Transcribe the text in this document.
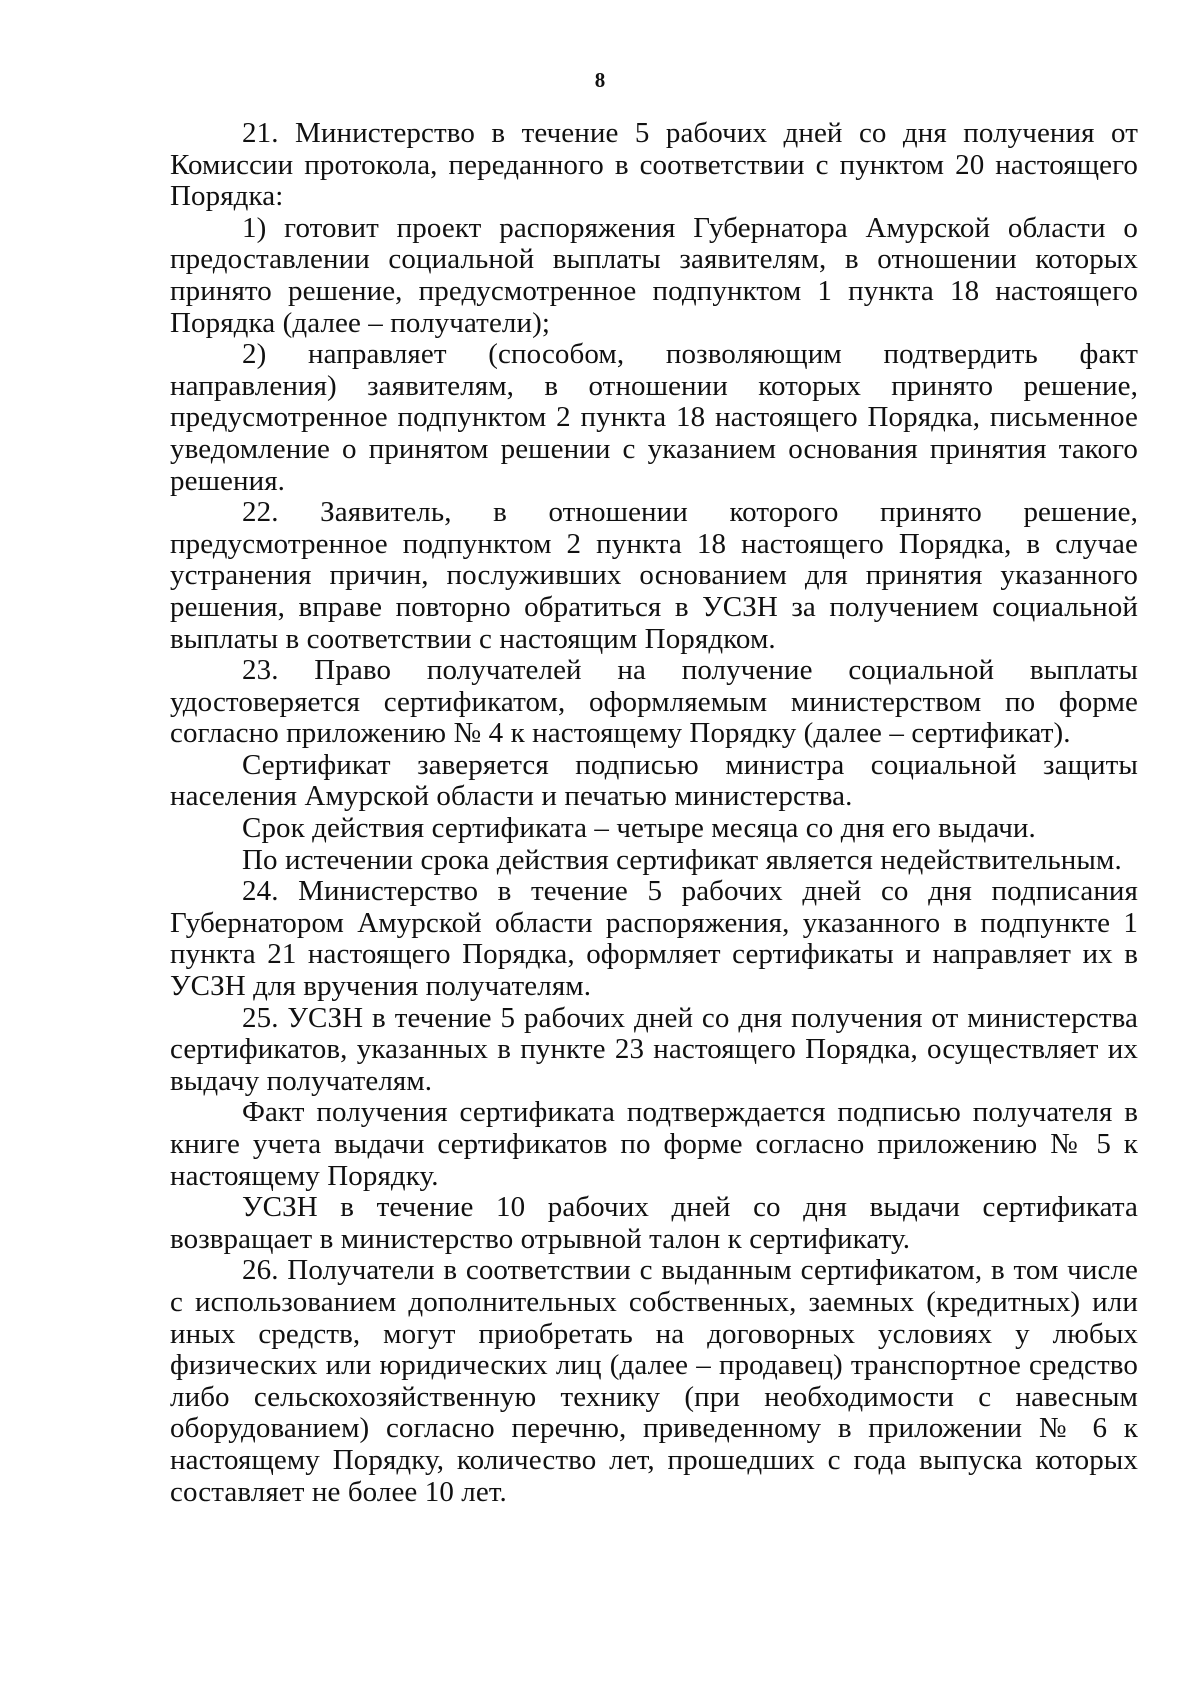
8

21. Министерство в течение 5 рабочих дней со дня получения от Комиссии протокола, переданного в соответствии с пунктом 20 настоящего Порядка:

1) готовит проект распоряжения Губернатора Амурской области о предоставлении социальной выплаты заявителям, в отношении которых принято решение, предусмотренное подпунктом 1 пункта 18 настоящего Порядка (далее – получатели);

2) направляет (способом, позволяющим подтвердить факт направления) заявителям, в отношении которых принято решение, предусмотренное подпунктом 2 пункта 18 настоящего Порядка, письменное уведомление о принятом решении с указанием основания принятия такого решения.

22. Заявитель, в отношении которого принято решение, предусмотренное подпунктом 2 пункта 18 настоящего Порядка, в случае устранения причин, послуживших основанием для принятия указанного решения, вправе повторно обратиться в УСЗН за получением социальной выплаты в соответствии с настоящим Порядком.

23. Право получателей на получение социальной выплаты удостоверяется сертификатом, оформляемым министерством по форме согласно приложению № 4 к настоящему Порядку (далее – сертификат).

Сертификат заверяется подписью министра социальной защиты населения Амурской области и печатью министерства.

Срок действия сертификата – четыре месяца со дня его выдачи.

По истечении срока действия сертификат является недействительным.

24. Министерство в течение 5 рабочих дней со дня подписания Губернатором Амурской области распоряжения, указанного в подпункте 1 пункта 21 настоящего Порядка, оформляет сертификаты и направляет их в УСЗН для вручения получателям.

25. УСЗН в течение 5 рабочих дней со дня получения от министерства сертификатов, указанных в пункте 23 настоящего Порядка, осуществляет их выдачу получателям.

Факт получения сертификата подтверждается подписью получателя в книге учета выдачи сертификатов по форме согласно приложению № 5 к настоящему Порядку.

УСЗН в течение 10 рабочих дней со дня выдачи сертификата возвращает в министерство отрывной талон к сертификату.

26. Получатели в соответствии с выданным сертификатом, в том числе с использованием дополнительных собственных, заемных (кредитных) или иных средств, могут приобретать на договорных условиях у любых физических или юридических лиц (далее – продавец) транспортное средство либо сельскохозяйственную технику (при необходимости с навесным оборудованием) согласно перечню, приведенному в приложении № 6 к настоящему Порядку, количество лет, прошедших с года выпуска которых составляет не более 10 лет.
